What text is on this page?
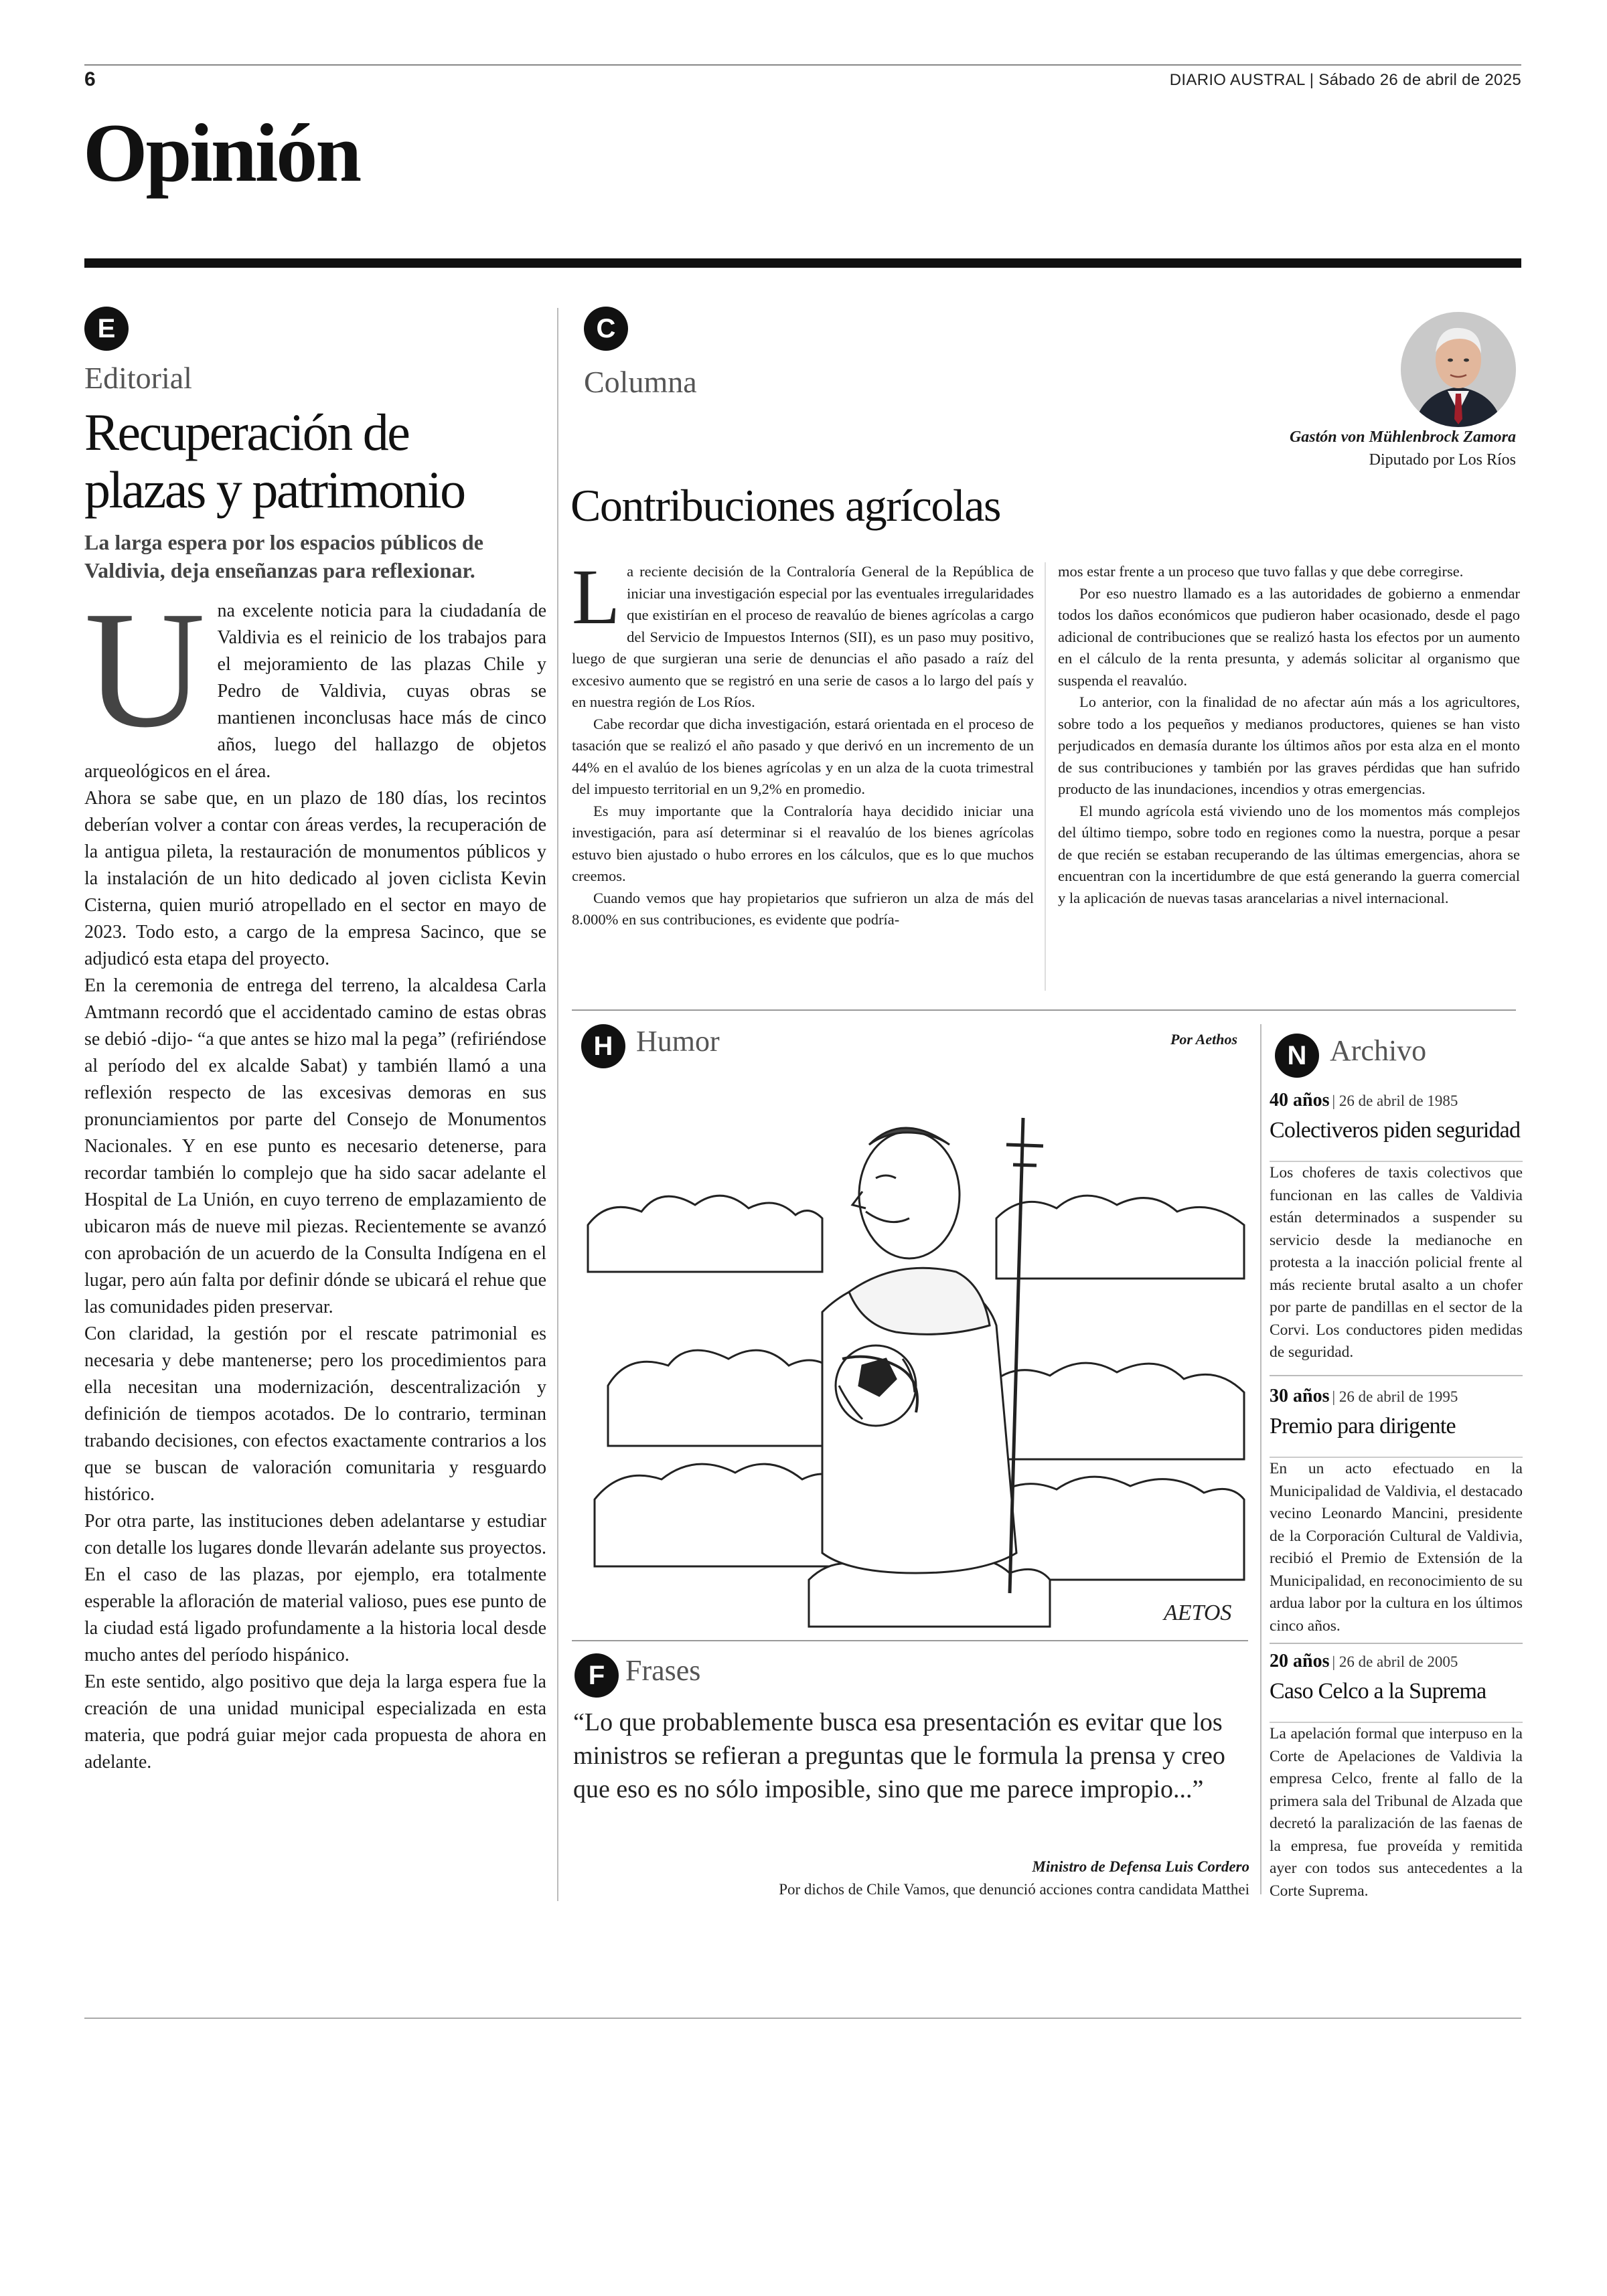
6	DIARIO AUSTRAL | Sábado 26 de abril de 2025
Opinión
E
Editorial
Recuperación de
plazas y patrimonio
La larga espera por los espacios públicos de Valdivia, deja enseñanzas para reflexionar.
U na excelente noticia para la ciudadanía de Valdivia es el reinicio de los trabajos para el mejoramiento de las plazas Chile y Pedro de Valdivia, cuyas obras se mantienen inconclusas hace más de cinco años, luego del hallazgo de objetos arqueológicos en el área.

Ahora se sabe que, en un plazo de 180 días, los recintos deberían volver a contar con áreas verdes, la recuperación de la antigua pileta, la restauración de monumentos públicos y la instalación de un hito dedicado al joven ciclista Kevin Cisterna, quien murió atropellado en el sector en mayo de 2023. Todo esto, a cargo de la empresa Sacinco, que se adjudicó esta etapa del proyecto.

En la ceremonia de entrega del terreno, la alcaldesa Carla Amtmann recordó que el accidentado camino de estas obras se debió -dijo- “a que antes se hizo mal la pega” (refiriéndose al período del ex alcalde Sabat) y también llamó a una reflexión respecto de las excesivas demoras en sus pronunciamientos por parte del Consejo de Monumentos Nacionales. Y en ese punto es necesario detenerse, para recordar también lo complejo que ha sido sacar adelante el Hospital de La Unión, en cuyo terreno de emplazamiento de ubicaron más de nueve mil piezas. Recientemente se avanzó con aprobación de un acuerdo de la Consulta Indígena en el lugar, pero aún falta por definir dónde se ubicará el rehue que las comunidades piden preservar.

Con claridad, la gestión por el rescate patrimonial es necesaria y debe mantenerse; pero los procedimientos para ella necesitan una modernización, descentralización y definición de tiempos acotados. De lo contrario, terminan trabando decisiones, con efectos exactamente contrarios a los que se buscan de valoración comunitaria y resguardo histórico.

Por otra parte, las instituciones deben adelantarse y estudiar con detalle los lugares donde llevarán adelante sus proyectos. En el caso de las plazas, por ejemplo, era totalmente esperable la afloración de material valioso, pues ese punto de la ciudad está ligado profundamente a la historia local desde mucho antes del período hispánico.

En este sentido, algo positivo que deja la larga espera fue la creación de una unidad municipal especializada en esta materia, que podrá guiar mejor cada propuesta de ahora en adelante.

C
Columna
Gastón von Mühlenbrock Zamora
Diputado por Los Ríos
Contribuciones agrícolas
L a reciente decisión de la Contraloría General de la República de iniciar una investigación especial por las eventuales irregularidades que existirían en el proceso de reavalúo de bienes agrícolas a cargo del Servicio de Impuestos Internos (SII), es un paso muy positivo, luego de que surgieran una serie de denuncias el año pasado a raíz del excesivo aumento que se registró en una serie de casos a lo largo del país y en nuestra región de Los Ríos.

Cabe recordar que dicha investigación, estará orientada en el proceso de tasación que se realizó el año pasado y que derivó en un incremento de un 44% en el avalúo de los bienes agrícolas y en un alza de la cuota trimestral del impuesto territorial en un 9,2% en promedio.

Es muy importante que la Contraloría haya decidido iniciar una investigación, para así determinar si el reavalúo de los bienes agrícolas estuvo bien ajustado o hubo errores en los cálculos, que es lo que muchos creemos.

Cuando vemos que hay propietarios que sufrieron un alza de más del 8.000% en sus contribuciones, es evidente que podría-

mos estar frente a un proceso que tuvo fallas y que debe corregirse.

Por eso nuestro llamado es a las autoridades de gobierno a enmendar todos los daños económicos que pudieron haber ocasionado, desde el pago adicional de contribuciones que se realizó hasta los efectos por un aumento en el cálculo de la renta presunta, y además solicitar al organismo que suspenda el reavalúo.

Lo anterior, con la finalidad de no afectar aún más a los agricultores, sobre todo a los pequeños y medianos productores, quienes se han visto perjudicados en demasía durante los últimos años por esta alza en el monto de sus contribuciones y también por las graves pérdidas que han sufrido producto de las inundaciones, incendios y otras emergencias.

El mundo agrícola está viviendo uno de los momentos más complejos del último tiempo, sobre todo en regiones como la nuestra, porque a pesar de que recién se estaban recuperando de las últimas emergencias, ahora se encuentran con la incertidumbre de que está generando la guerra comercial y la aplicación de nuevas tasas arancelarias a nivel internacional.

H Humor	Por Aethos
AETOS
F Frases
“Lo que probablemente busca esa presentación es evitar que los ministros se refieran a preguntas que le formula la prensa y creo que eso es no sólo imposible, sino que me parece impropio...”
Ministro de Defensa Luis Cordero
Por dichos de Chile Vamos, que denunció acciones contra candidata Matthei
N Archivo
40 años | 26 de abril de 1985
Colectiveros piden seguridad
Los choferes de taxis colectivos que funcionan en las calles de Valdivia están determinados a suspender su servicio desde la medianoche en protesta a la inacción policial frente al más reciente brutal asalto a un chofer por parte de pandillas en el sector de la Corvi. Los conductores piden medidas de seguridad.
30 años | 26 de abril de 1995
Premio para dirigente
En un acto efectuado en la Municipalidad de Valdivia, el destacado vecino Leonardo Mancini, presidente de la Corporación Cultural de Valdivia, recibió el Premio de Extensión de la Municipalidad, en reconocimiento de su ardua labor por la cultura en los últimos cinco años.
20 años | 26 de abril de 2005
Caso Celco a la Suprema
La apelación formal que interpuso en la Corte de Apelaciones de Valdivia la empresa Celco, frente al fallo de la primera sala del Tribunal de Alzada que decretó la paralización de las faenas de la empresa, fue proveída y remitida ayer con todos sus antecedentes a la Corte Suprema.
